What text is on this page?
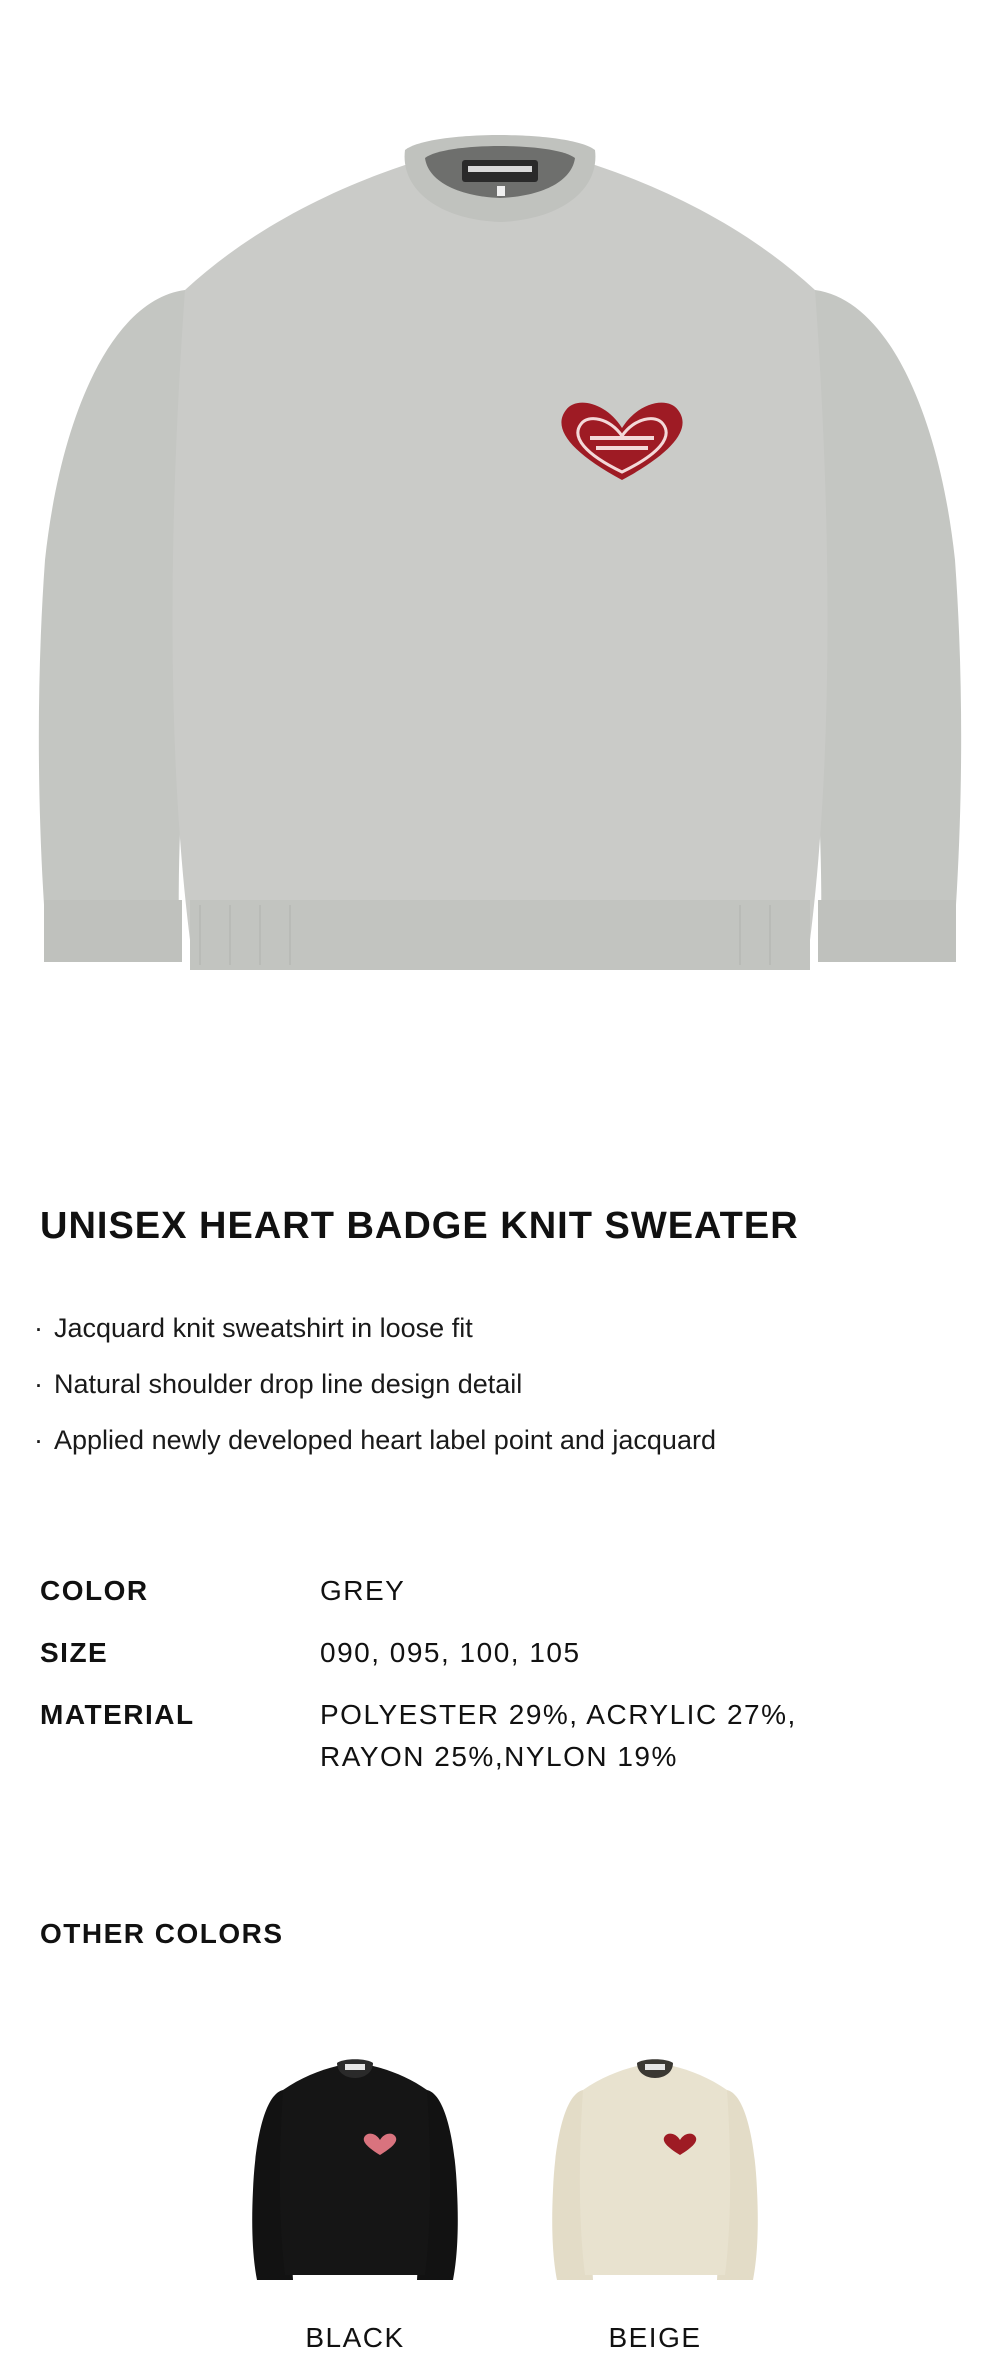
UNISEX HEART BADGE KNIT SWEATER
· Jacquard knit sweatshirt in loose fit
· Natural shoulder drop line design detail
· Applied newly developed heart label point and jacquard
COLOR	GREY
SIZE	090, 095, 100, 105
MATERIAL	POLYESTER 29%, ACRYLIC 27%,
RAYON 25%,NYLON 19%
OTHER COLORS
BLACK	BEIGE
